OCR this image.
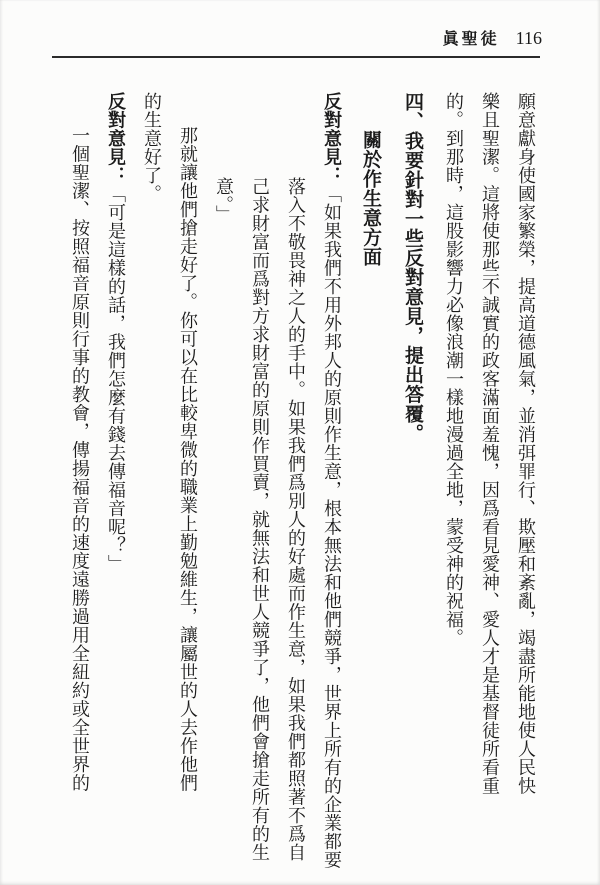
眞聖徒 116
願意獻身使國家繁榮，提高道德風氣，並消弭罪行、欺壓和紊亂，竭盡所能地使人民快
樂且聖潔。這將使那些不誠實的政客滿面羞愧，因爲看見愛神、愛人才是基督徒所看重
的。到那時，這股影響力必像浪潮一樣地漫過全地，蒙受神的祝福。
四、我要針對一些反對意見，提出答覆。
關於作生意方面
反對意見：「如果我們不用外邦人的原則作生意，根本無法和他們競爭，世界上所有的企業都要
落入不敬畏神之人的手中。如果我們爲別人的好處而作生意，如果我們都照著不爲自
己求財富而爲對方求財富的原則作買賣，就無法和世人競爭了，他們會搶走所有的生
意。」
那就讓他們搶走好了。你可以在比較卑微的職業上勤勉維生，讓屬世的人去作他們
的生意好了。
反對意見：「可是這樣的話，我們怎麼有錢去傳福音呢？」
一個聖潔、按照福音原則行事的教會，傳揚福音的速度遠勝過用全紐約或全世界的
